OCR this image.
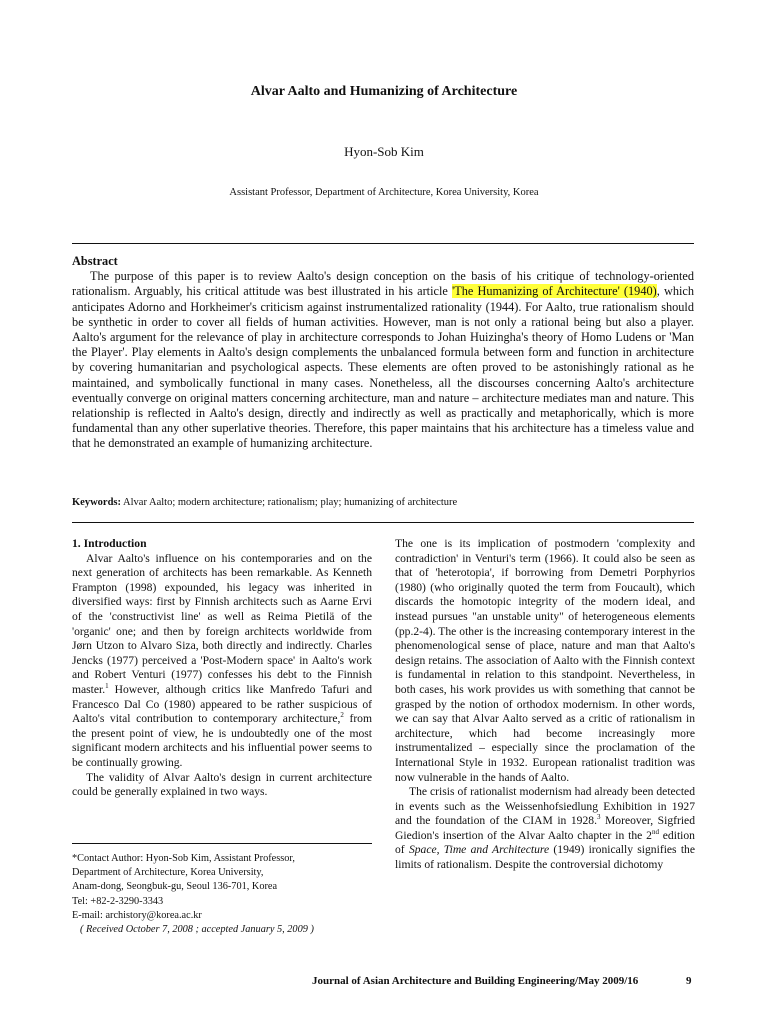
Alvar Aalto and Humanizing of Architecture
Hyon-Sob Kim
Assistant Professor, Department of Architecture, Korea University, Korea
Abstract

The purpose of this paper is to review Aalto's design conception on the basis of his critique of technology-oriented rationalism. Arguably, his critical attitude was best illustrated in his article 'The Humanizing of Architecture' (1940), which anticipates Adorno and Horkheimer's criticism against instrumentalized rationality (1944). For Aalto, true rationalism should be synthetic in order to cover all fields of human activities. However, man is not only a rational being but also a player. Aalto's argument for the relevance of play in architecture corresponds to Johan Huizingha's theory of Homo Ludens or 'Man the Player'. Play elements in Aalto's design complements the unbalanced formula between form and function in architecture by covering humanitarian and psychological aspects. These elements are often proved to be astonishingly rational as he maintained, and symbolically functional in many cases. Nonetheless, all the discourses concerning Aalto's architecture eventually converge on original matters concerning architecture, man and nature – architecture mediates man and nature. This relationship is reflected in Aalto's design, directly and indirectly as well as practically and metaphorically, which is more fundamental than any other superlative theories. Therefore, this paper maintains that his architecture has a timeless value and that he demonstrated an example of humanizing architecture.

Keywords: Alvar Aalto; modern architecture; rationalism; play; humanizing of architecture
1. Introduction

Alvar Aalto's influence on his contemporaries and on the next generation of architects has been remarkable. As Kenneth Frampton (1998) expounded, his legacy was inherited in diversified ways: first by Finnish architects such as Aarne Ervi of the 'constructivist line' as well as Reima Pietilä of the 'organic' one; and then by foreign architects worldwide from Jørn Utzon to Alvaro Siza, both directly and indirectly. Charles Jencks (1977) perceived a 'Post-Modern space' in Aalto's work and Robert Venturi (1977) confesses his debt to the Finnish master.$^1$ However, although critics like Manfredo Tafuri and Francesco Dal Co (1980) appeared to be rather suspicious of Aalto's vital contribution to contemporary architecture,$^2$ from the present point of view, he is undoubtedly one of the most significant modern architects and his influential power seems to be continually growing.

The validity of Alvar Aalto's design in current architecture could be generally explained in two ways.

The one is its implication of postmodern 'complexity and contradiction' in Venturi's term (1966). It could also be seen as that of 'heterotopia', if borrowing from Demetri Porphyrios (1980) (who originally quoted the term from Foucault), which discards the homotopic integrity of the modern ideal, and instead pursues "an unstable unity" of heterogeneous elements (pp.2-4). The other is the increasing contemporary interest in the phenomenological sense of place, nature and man that Aalto's design retains. The association of Aalto with the Finnish context is fundamental in relation to this standpoint. Nevertheless, in both cases, his work provides us with something that cannot be grasped by the notion of orthodox modernism. In other words, we can say that Alvar Aalto served as a critic of rationalism in architecture, which had become increasingly more instrumentalized – especially since the proclamation of the International Style in 1932. European rationalist tradition was now vulnerable in the hands of Aalto.

The crisis of rationalist modernism had already been detected in events such as the Weissenhofsiedlung Exhibition in 1927 and the foundation of the CIAM in 1928.$^3$ Moreover, Sigfried Giedion's insertion of the Alvar Aalto chapter in the 2nd edition of Space, Time and Architecture (1949) ironically signifies the limits of rationalism. Despite the controversial dichotomy

*Contact Author: Hyon-Sob Kim, Assistant Professor,
Department of Architecture, Korea University,
Anam-dong, Seongbuk-gu, Seoul 136-701, Korea
Tel: +82-2-3290-3343
E-mail: archistory@korea.ac.kr
( Received October 7, 2008 ; accepted January 5, 2009 )
Journal of Asian Architecture and Building Engineering/May 2009/16	9
